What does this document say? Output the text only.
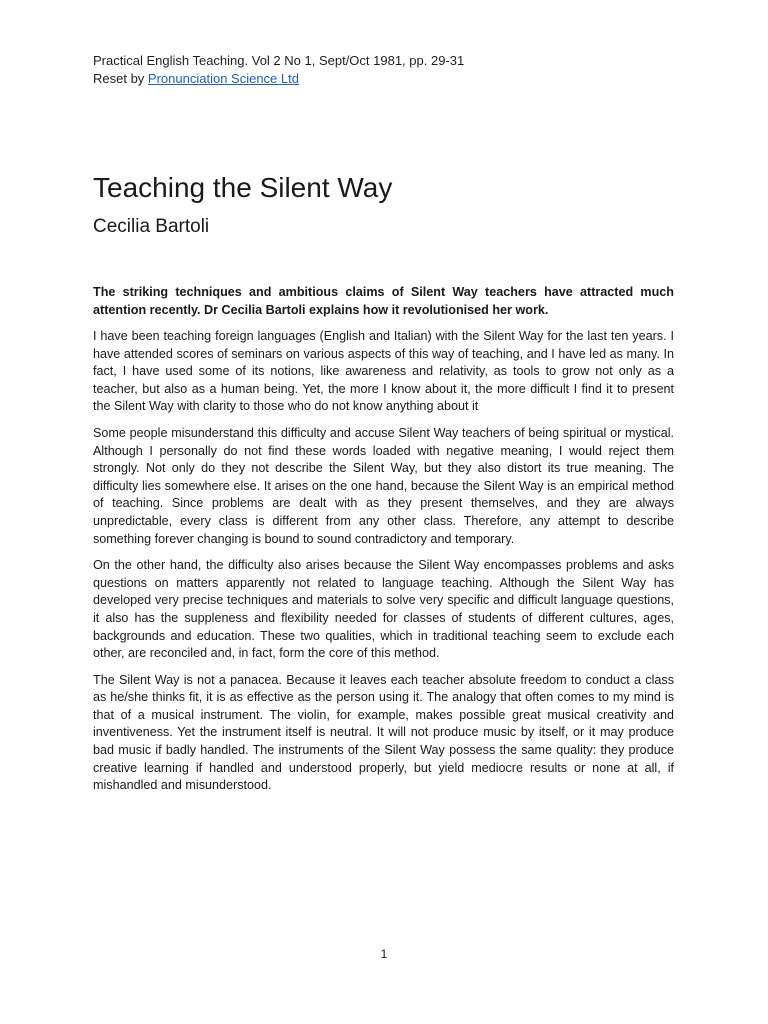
Practical English Teaching. Vol 2 No 1, Sept/Oct 1981, pp. 29-31
Reset by Pronunciation Science Ltd
Teaching the Silent Way
Cecilia Bartoli
The striking techniques and ambitious claims of Silent Way teachers have attracted much attention recently. Dr Cecilia Bartoli explains how it revolutionised her work.
I have been teaching foreign languages (English and Italian) with the Silent Way for the last ten years. I have attended scores of seminars on various aspects of this way of teaching, and I have led as many. In fact, I have used some of its notions, like awareness and relativity, as tools to grow not only as a teacher, but also as a human being. Yet, the more I know about it, the more difficult I find it to present the Silent Way with clarity to those who do not know anything about it
Some people misunderstand this difficulty and accuse Silent Way teachers of being spiritual or mystical. Although I personally do not find these words loaded with negative meaning, I would reject them strongly. Not only do they not describe the Silent Way, but they also distort its true meaning. The difficulty lies somewhere else. It arises on the one hand, because the Silent Way is an empirical method of teaching. Since problems are dealt with as they present themselves, and they are always unpredictable, every class is different from any other class. Therefore, any attempt to describe something forever changing is bound to sound contradictory and temporary.
On the other hand, the difficulty also arises because the Silent Way encompasses problems and asks questions on matters apparently not related to language teaching. Although the Silent Way has developed very precise techniques and materials to solve very specific and difficult language questions, it also has the suppleness and flexibility needed for classes of students of different cultures, ages, backgrounds and education. These two qualities, which in traditional teaching seem to exclude each other, are reconciled and, in fact, form the core of this method.
The Silent Way is not a panacea. Because it leaves each teacher absolute freedom to conduct a class as he/she thinks fit, it is as effective as the person using it. The analogy that often comes to my mind is that of a musical instrument. The violin, for example, makes possible great musical creativity and inventiveness. Yet the instrument itself is neutral. It will not produce music by itself, or it may produce bad music if badly handled. The instruments of the Silent Way possess the same quality: they produce creative learning if handled and understood properly, but yield mediocre results or none at all, if mishandled and misunderstood.
1
